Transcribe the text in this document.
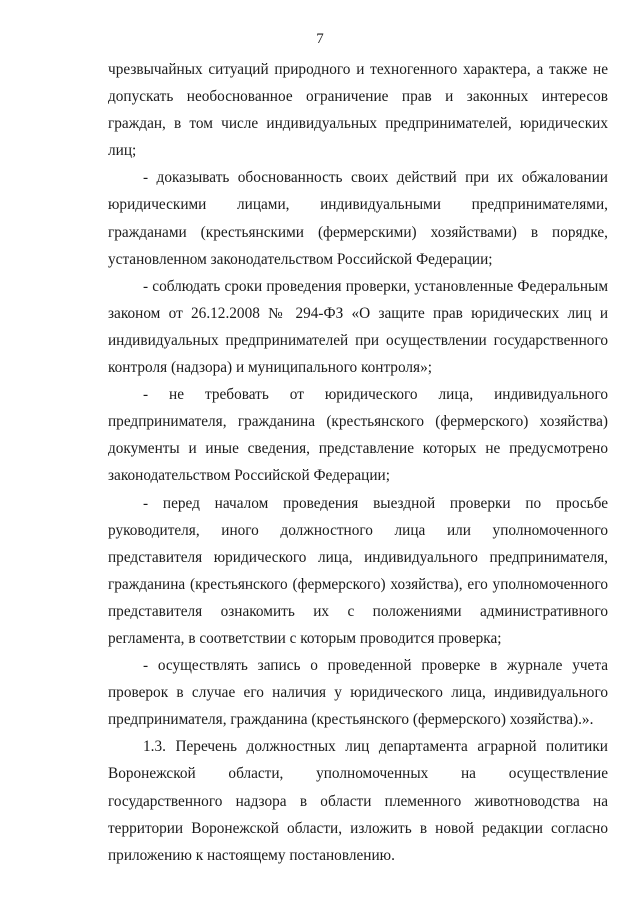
7

чрезвычайных ситуаций природного и техногенного характера, а также не допускать необоснованное ограничение прав и законных интересов граждан, в том числе индивидуальных предпринимателей, юридических лиц;

- доказывать обоснованность своих действий при их обжаловании юридическими лицами, индивидуальными предпринимателями, гражданами (крестьянскими (фермерскими) хозяйствами) в порядке, установленном законодательством Российской Федерации;

- соблюдать сроки проведения проверки, установленные Федеральным законом от 26.12.2008 № 294-ФЗ «О защите прав юридических лиц и индивидуальных предпринимателей при осуществлении государственного контроля (надзора) и муниципального контроля»;

- не требовать от юридического лица, индивидуального предпринимателя, гражданина (крестьянского (фермерского) хозяйства) документы и иные сведения, представление которых не предусмотрено законодательством Российской Федерации;

- перед началом проведения выездной проверки по просьбе руководителя, иного должностного лица или уполномоченного представителя юридического лица, индивидуального предпринимателя, гражданина (крестьянского (фермерского) хозяйства), его уполномоченного представителя ознакомить их с положениями административного регламента, в соответствии с которым проводится проверка;

- осуществлять запись о проведенной проверке в журнале учета проверок в случае его наличия у юридического лица, индивидуального предпринимателя, гражданина (крестьянского (фермерского) хозяйства).».

1.3. Перечень должностных лиц департамента аграрной политики Воронежской области, уполномоченных на осуществление государственного надзора в области племенного животноводства на территории Воронежской области, изложить в новой редакции согласно приложению к настоящему постановлению.
